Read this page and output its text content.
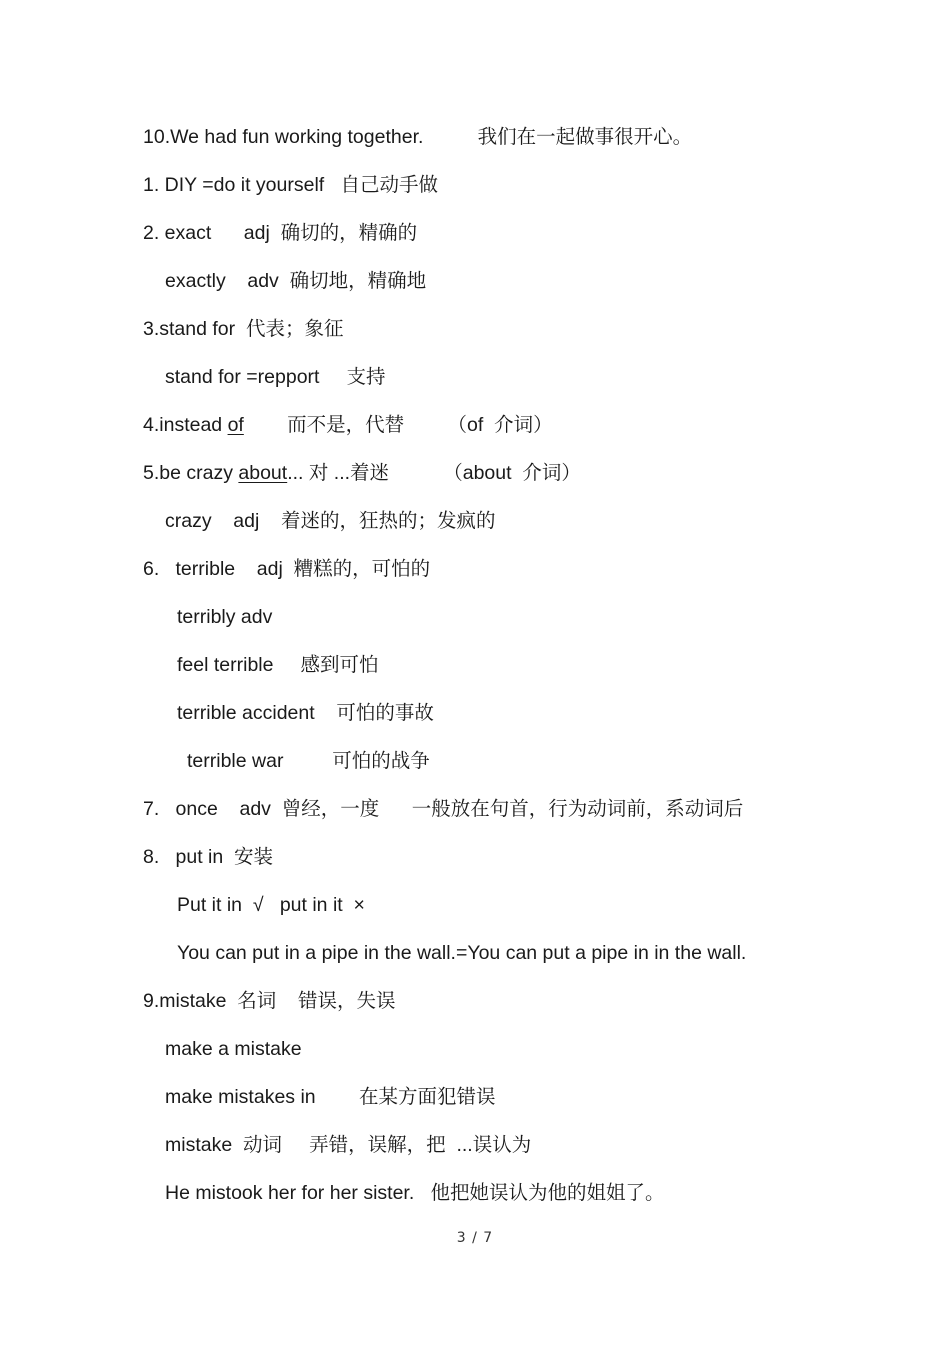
10.We had fun working together.          我们在一起做事很开心。
1. DIY =do it yourself   自己动手做
2. exact      adj  确切的，精确的
exactly    adv  确切地，精确地
3.stand for  代表；象征
stand for =repport     支持
4.instead of        而不是，代替        （of  介词）
5.be crazy about... 对 ...着迷          （about  介词）
crazy    adj    着迷的，狂热的；发疯的
6.   terrible    adj  糟糕的，可怕的
terribly adv
feel terrible     感到可怕
terrible accident    可怕的事故
terrible war         可怕的战争
7.   once    adv  曾经，一度      一般放在句首，行为动词前，系动词后
8.   put in  安装
Put it in  √   put in it  ×
You can put in a pipe in the wall.=You can put a pipe in in the wall.
9.mistake  名词    错误，失误
make a mistake
make mistakes in        在某方面犯错误
mistake  动词     弄错，误解，把  ...误认为
He mistook her for her sister.   他把她误认为他的姐姐了。
3 / 7
